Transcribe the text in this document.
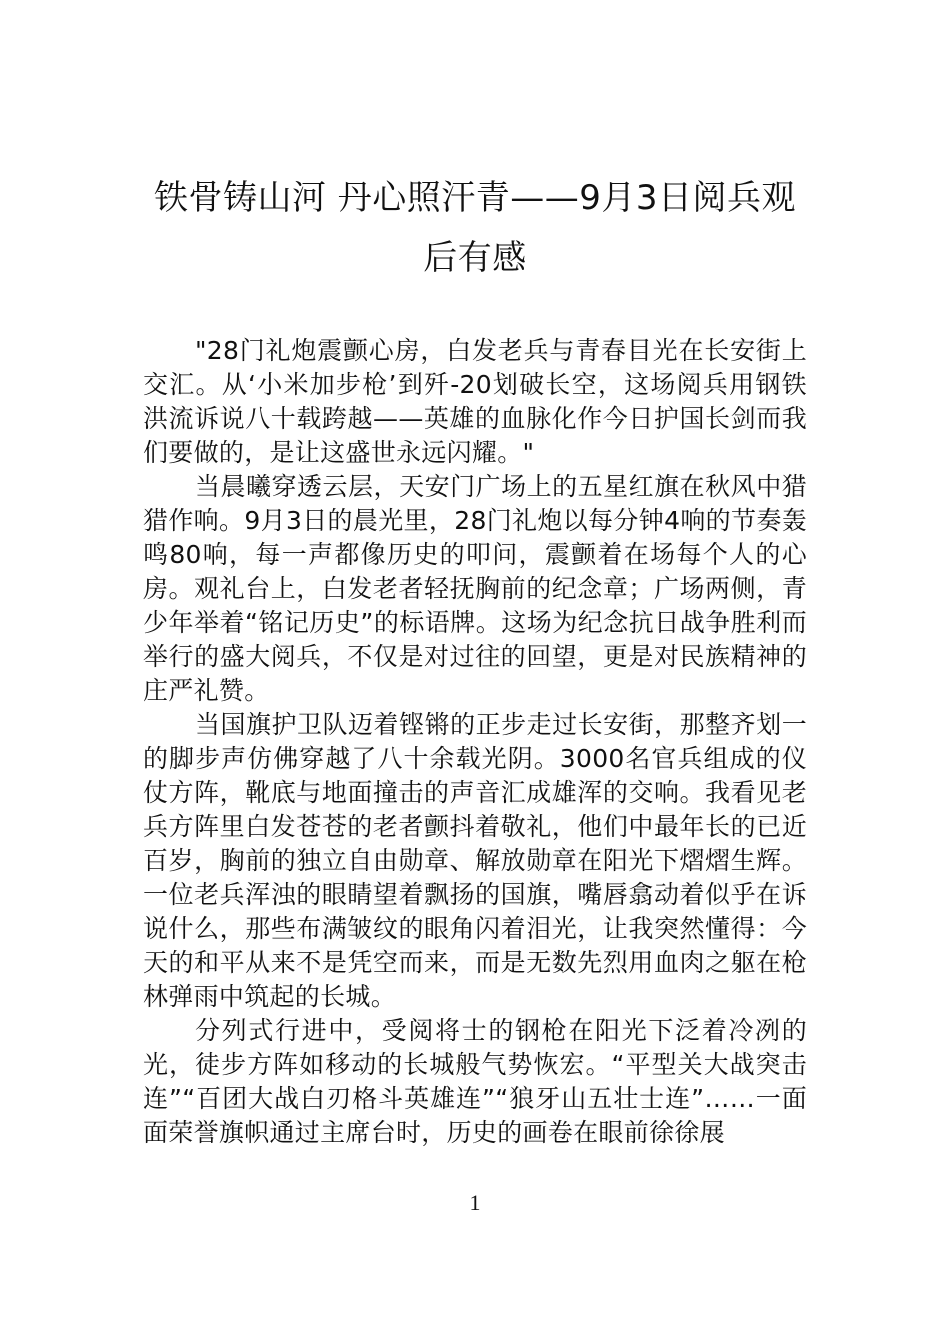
铁骨铸山河 丹心照汗青——9月3日阅兵观后有感

"28门礼炮震颤心房，白发老兵与青春目光在长安街上交汇。从‘小米加步枪’到歼-20划破长空，这场阅兵用钢铁洪流诉说八十载跨越——英雄的血脉化作今日护国长剑而我们要做的，是让这盛世永远闪耀。"

当晨曦穿透云层，天安门广场上的五星红旗在秋风中猎猎作响。9月3日的晨光里，28门礼炮以每分钟4响的节奏轰鸣80响，每一声都像历史的叩问，震颤着在场每个人的心房。观礼台上，白发老者轻抚胸前的纪念章；广场两侧，青少年举着“铭记历史”的标语牌。这场为纪念抗日战争胜利而举行的盛大阅兵，不仅是对过往的回望，更是对民族精神的庄严礼赞。

当国旗护卫队迈着铿锵的正步走过长安街，那整齐划一的脚步声仿佛穿越了八十余载光阴。3000名官兵组成的仪仗方阵，靴底与地面撞击的声音汇成雄浑的交响。我看见老兵方阵里白发苍苍的老者颤抖着敬礼，他们中最年长的已近百岁，胸前的独立自由勋章、解放勋章在阳光下熠熠生辉。一位老兵浑浊的眼睛望着飘扬的国旗，嘴唇翕动着似乎在诉说什么，那些布满皱纹的眼角闪着泪光，让我突然懂得：今天的和平从来不是凭空而来，而是无数先烈用血肉之躯在枪林弹雨中筑起的长城。

分列式行进中，受阅将士的钢枪在阳光下泛着冷冽的光，徒步方阵如移动的长城般气势恢宏。“平型关大战突击连”“百团大战白刃格斗英雄连”“狼牙山五壮士连”……一面面荣誉旗帜通过主席台时，历史的画卷在眼前徐徐展

1
